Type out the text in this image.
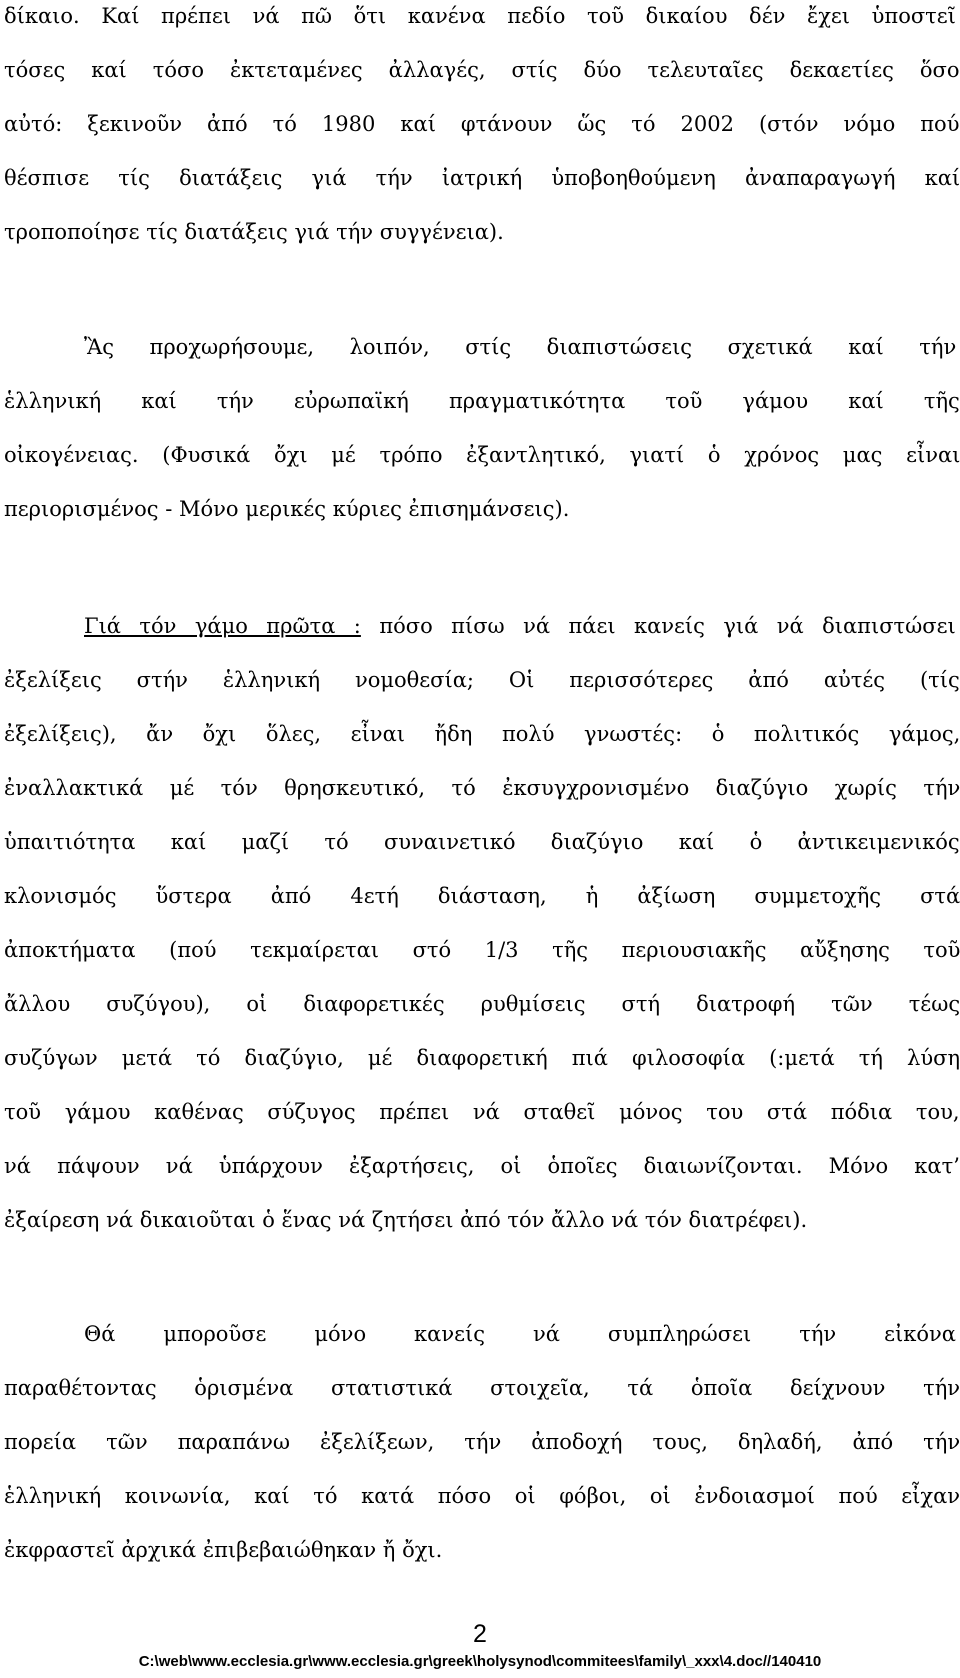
δίκαιο. Καί πρέπει νά πῶ ὅτι κανένα πεδίο τοῦ δικαίου δέν ἔχει ὑποστεῖ
τόσες καί τόσο ἐκτεταμένες ἀλλαγές, στίς δύο τελευταῖες δεκαετίες ὅσο
αὐτό: ξεκινοῦν ἀπό τό 1980 καί φτάνουν ὥς τό 2002 (στόν νόμο πού
θέσπισε τίς διατάξεις γιά τήν ἰατρική ὑποβοηθούμενη ἀναπαραγωγή καί
τροποποίησε τίς διατάξεις γιά τήν συγγένεια).
Ἂς προχωρήσουμε, λοιπόν, στίς διαπιστώσεις σχετικά καί τήν
ἑλληνική καί τήν εὐρωπαϊκή πραγματικότητα τοῦ γάμου καί τῆς
οἰκογένειας. (Φυσικά ὄχι μέ τρόπο ἐξαντλητικό, γιατί ὁ χρόνος μας εἶναι
περιορισμένος - Μόνο μερικές κύριες ἐπισημάνσεις).
Γιά τόν γάμο πρῶτα : πόσο πίσω νά πάει κανείς γιά νά διαπιστώσει
ἐξελίξεις στήν ἑλληνική νομοθεσία; Οἱ περισσότερες ἀπό αὐτές (τίς
ἐξελίξεις), ἄν ὄχι ὅλες, εἶναι ἤδη πολύ γνωστές: ὁ πολιτικός γάμος,
ἐναλλακτικά μέ τόν θρησκευτικό, τό ἐκσυγχρονισμένο διαζύγιο χωρίς τήν
ὑπαιτιότητα καί μαζί τό συναινετικό διαζύγιο καί ὁ ἀντικειμενικός
κλονισμός ὕστερα ἀπό 4ετή διάσταση, ἡ ἀξίωση συμμετοχῆς στά
ἀποκτήματα (πού τεκμαίρεται στό 1/3 τῆς περιουσιακῆς αὔξησης τοῦ
ἄλλου συζύγου), οἱ διαφορετικές ρυθμίσεις στή διατροφή τῶν τέως
συζύγων μετά τό διαζύγιο, μέ διαφορετική πιά φιλοσοφία (:μετά τή λύση
τοῦ γάμου καθένας σύζυγος πρέπει νά σταθεῖ μόνος του στά πόδια του,
νά πάψουν νά ὑπάρχουν ἐξαρτήσεις, οἱ ὁποῖες διαιωνίζονται. Μόνο κατ’
ἐξαίρεση νά δικαιοῦται ὁ ἕνας νά ζητήσει ἀπό τόν ἄλλο νά τόν διατρέφει).
Θά μποροῦσε μόνο κανείς νά συμπληρώσει τήν εἰκόνα
παραθέτοντας ὁρισμένα στατιστικά στοιχεῖα, τά ὁποῖα δείχνουν τήν
πορεία τῶν παραπάνω ἐξελίξεων, τήν ἀποδοχή τους, δηλαδή, ἀπό τήν
ἑλληνική κοινωνία, καί τό κατά πόσο οἱ φόβοι, οἱ ἐνδοιασμοί πού εἶχαν
ἐκφραστεῖ ἀρχικά ἐπιβεβαιώθηκαν ἤ ὄχι.
2
C:\web\www.ecclesia.gr\www.ecclesia.gr\greek\holysynod\commitees\family\_xxx\4.doc//140410
